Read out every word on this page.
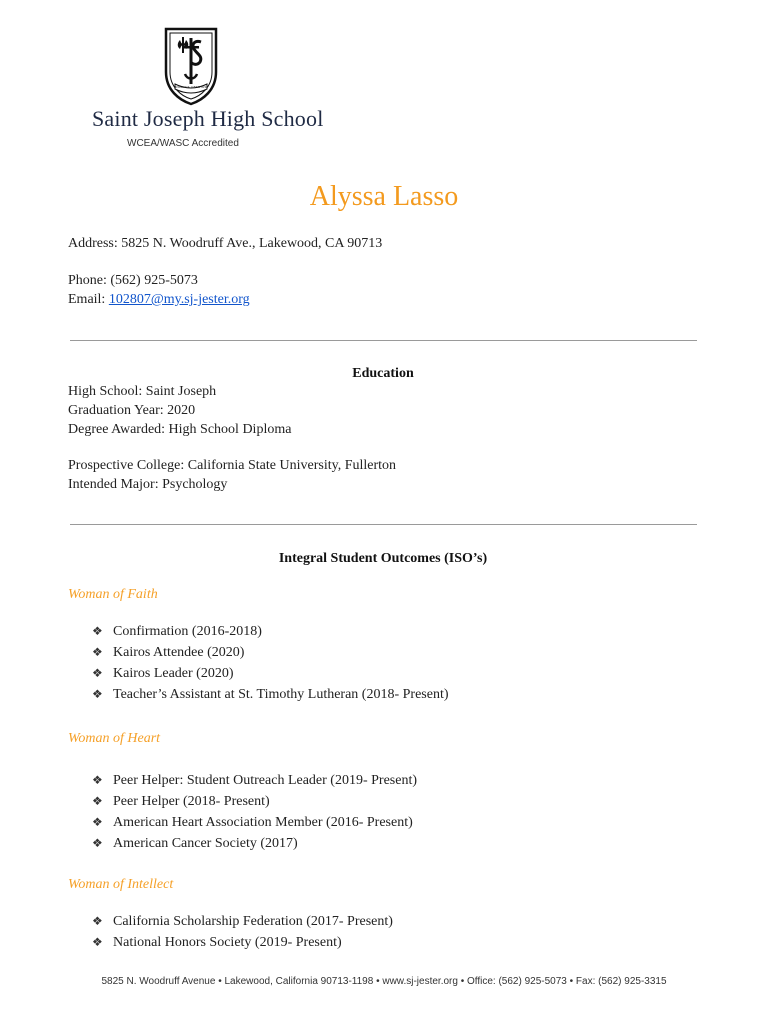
ROMANA LIBERTAS
Saint Joseph High School
WCEA/WASC Accredited
Alyssa Lasso
Address: 5825 N. Woodruff Ave., Lakewood, CA 90713
Phone: (562) 925-5073
Email: 102807@my.sj-jester.org
Education
High School: Saint Joseph
Graduation Year: 2020
Degree Awarded: High School Diploma
Prospective College: California State University, Fullerton
Intended Major: Psychology
Integral Student Outcomes (ISO’s)
Woman of Faith
❖ Confirmation (2016-2018)
❖ Kairos Attendee (2020)
❖ Kairos Leader (2020)
❖ Teacher’s Assistant at St. Timothy Lutheran (2018- Present)
Woman of Heart
❖ Peer Helper: Student Outreach Leader (2019- Present)
❖ Peer Helper (2018- Present)
❖ American Heart Association Member (2016- Present)
❖ American Cancer Society (2017)
Woman of Intellect
❖ California Scholarship Federation (2017- Present)
❖ National Honors Society (2019- Present)
5825 N. Woodruff Avenue • Lakewood, California 90713-1198 • www.sj-jester.org • Office: (562) 925-5073 • Fax: (562) 925-3315
